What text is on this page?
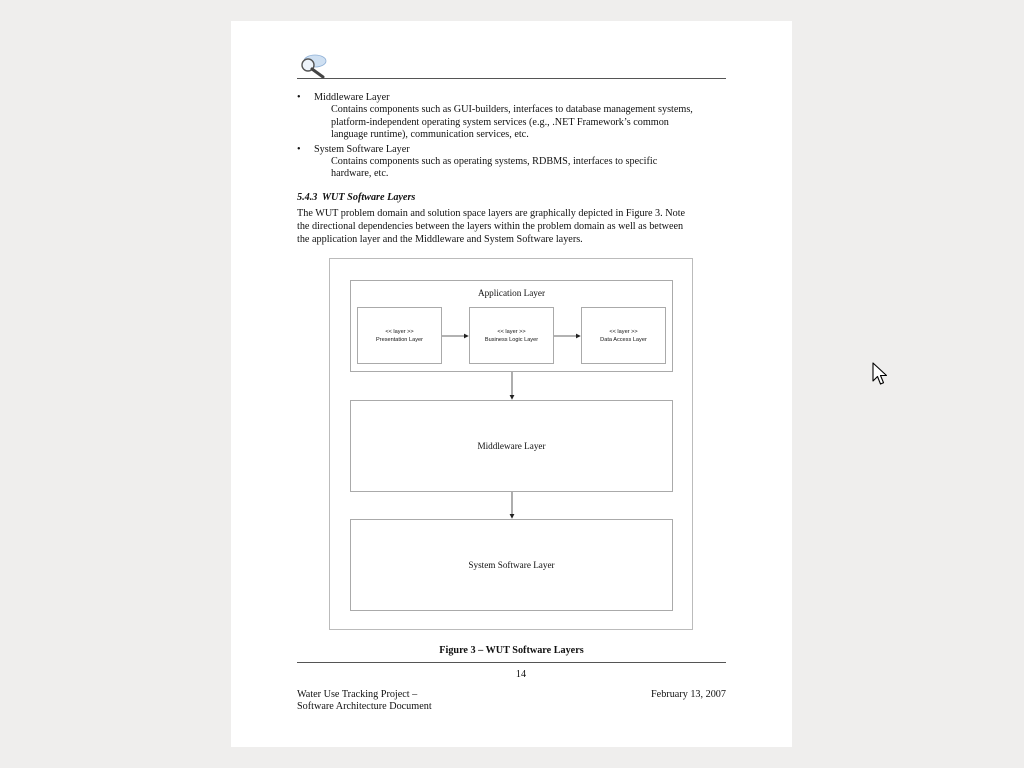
• Middleware Layer
Contains components such as GUI-builders, interfaces to database management systems,
platform-independent operating system services (e.g., .NET Framework’s common
language runtime), communication services, etc.
• System Software Layer
Contains components such as operating systems, RDBMS, interfaces to specific
hardware, etc.
5.4.3 WUT Software Layers
The WUT problem domain and solution space layers are graphically depicted in Figure 3. Note
the directional dependencies between the layers within the problem domain as well as between
the application layer and the Middleware and System Software layers.
Application Layer
<< layer >>
Presentation Layer
<< layer >>
Business Logic Layer
<< layer >>
Data Access Layer
Middleware Layer
System Software Layer
Figure 3 – WUT Software Layers
14
Water Use Tracking Project –
Software Architecture Document
February 13, 2007
